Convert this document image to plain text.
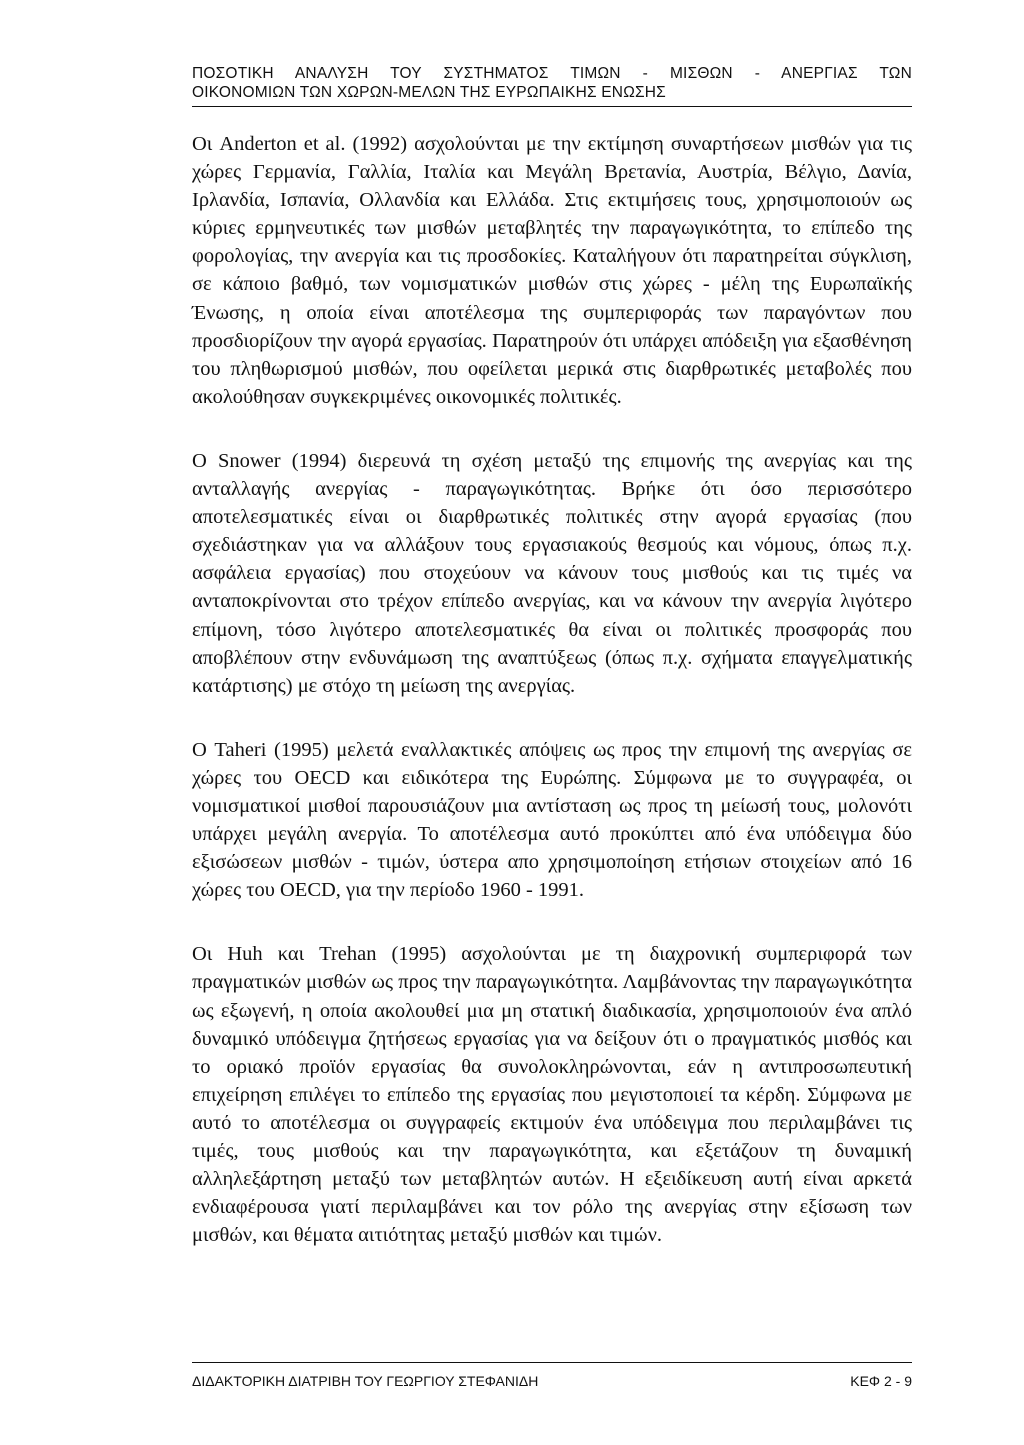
ΠΟΣΟΤΙΚΗ ΑΝΑΛΥΣΗ ΤΟΥ ΣΥΣΤΗΜΑΤΟΣ ΤΙΜΩΝ - ΜΙΣΘΩΝ - ΑΝΕΡΓΙΑΣ ΤΩΝ
ΟΙΚΟΝΟΜΙΩΝ ΤΩΝ ΧΩΡΩΝ-ΜΕΛΩΝ ΤΗΣ ΕΥΡΩΠΑΙΚΗΣ ΕΝΩΣΗΣ

Οι Anderton et al. (1992) ασχολούνται με την εκτίμηση συναρτήσεων μισθών για τις χώρες Γερμανία, Γαλλία, Ιταλία και Μεγάλη Βρετανία, Αυστρία, Βέλγιο, Δανία, Ιρλανδία, Ισπανία, Ολλανδία και Ελλάδα. Στις εκτιμήσεις τους, χρησιμοποιούν ως κύριες ερμηνευτικές των μισθών μεταβλητές την παραγωγικότητα, το επίπεδο της φορολογίας, την ανεργία και τις προσδοκίες. Καταλήγουν ότι παρατηρείται σύγκλιση, σε κάποιο βαθμό, των νομισματικών μισθών στις χώρες - μέλη της Ευρωπαϊκής Ένωσης, η οποία είναι αποτέλεσμα της συμπεριφοράς των παραγόντων που προσδιορίζουν την αγορά εργασίας. Παρατηρούν ότι υπάρχει απόδειξη για εξασθένηση του πληθωρισμού μισθών, που οφείλεται μερικά στις διαρθρωτικές μεταβολές που ακολούθησαν συγκεκριμένες οικονομικές πολιτικές.

Ο Snower (1994) διερευνά τη σχέση μεταξύ της επιμονής της ανεργίας και της ανταλλαγής ανεργίας - παραγωγικότητας. Βρήκε ότι όσο περισσότερο αποτελεσματικές είναι οι διαρθρωτικές πολιτικές στην αγορά εργασίας (που σχεδιάστηκαν για να αλλάξουν τους εργασιακούς θεσμούς και νόμους, όπως π.χ. ασφάλεια εργασίας) που στοχεύουν να κάνουν τους μισθούς και τις τιμές να ανταποκρίνονται στο τρέχον επίπεδο ανεργίας, και να κάνουν την ανεργία λιγότερο επίμονη, τόσο λιγότερο αποτελεσματικές θα είναι οι πολιτικές προσφοράς που αποβλέπουν στην ενδυνάμωση της αναπτύξεως (όπως π.χ. σχήματα επαγγελματικής κατάρτισης) με στόχο τη μείωση της ανεργίας.

Ο Taheri (1995) μελετά εναλλακτικές απόψεις ως προς την επιμονή της ανεργίας σε χώρες του OECD και ειδικότερα της Ευρώπης. Σύμφωνα με το συγγραφέα, οι νομισματικοί μισθοί παρουσιάζουν μια αντίσταση ως προς τη μείωσή τους, μολονότι υπάρχει μεγάλη ανεργία. Το αποτέλεσμα αυτό προκύπτει από ένα υπόδειγμα δύο εξισώσεων μισθών - τιμών, ύστερα απο χρησιμοποίηση ετήσιων στοιχείων από 16 χώρες του OECD, για την περίοδο 1960 - 1991.

Οι Huh και Trehan (1995) ασχολούνται με τη διαχρονική συμπεριφορά των πραγματικών μισθών ως προς την παραγωγικότητα. Λαμβάνοντας την παραγωγικότητα ως εξωγενή, η οποία ακολουθεί μια μη στατική διαδικασία, χρησιμοποιούν ένα απλό δυναμικό υπόδειγμα ζητήσεως εργασίας για να δείξουν ότι ο πραγματικός μισθός και το οριακό προϊόν εργασίας θα συνολοκληρώνονται, εάν η αντιπροσωπευτική επιχείρηση επιλέγει το επίπεδο της εργασίας που μεγιστοποιεί τα κέρδη. Σύμφωνα με αυτό το αποτέλεσμα οι συγγραφείς εκτιμούν ένα υπόδειγμα που περιλαμβάνει τις τιμές, τους μισθούς και την παραγωγικότητα, και εξετάζουν τη δυναμική αλληλεξάρτηση μεταξύ των μεταβλητών αυτών. Η εξειδίκευση αυτή είναι αρκετά ενδιαφέρουσα γιατί περιλαμβάνει και τον ρόλο της ανεργίας στην εξίσωση των μισθών, και θέματα αιτιότητας μεταξύ μισθών και τιμών.

ΔΙΔΑΚΤΟΡΙΚΗ ΔΙΑΤΡΙΒΗ ΤΟΥ ΓΕΩΡΓΙΟΥ ΣΤΕΦΑΝΙΔΗ	ΚΕΦ 2 - 9
